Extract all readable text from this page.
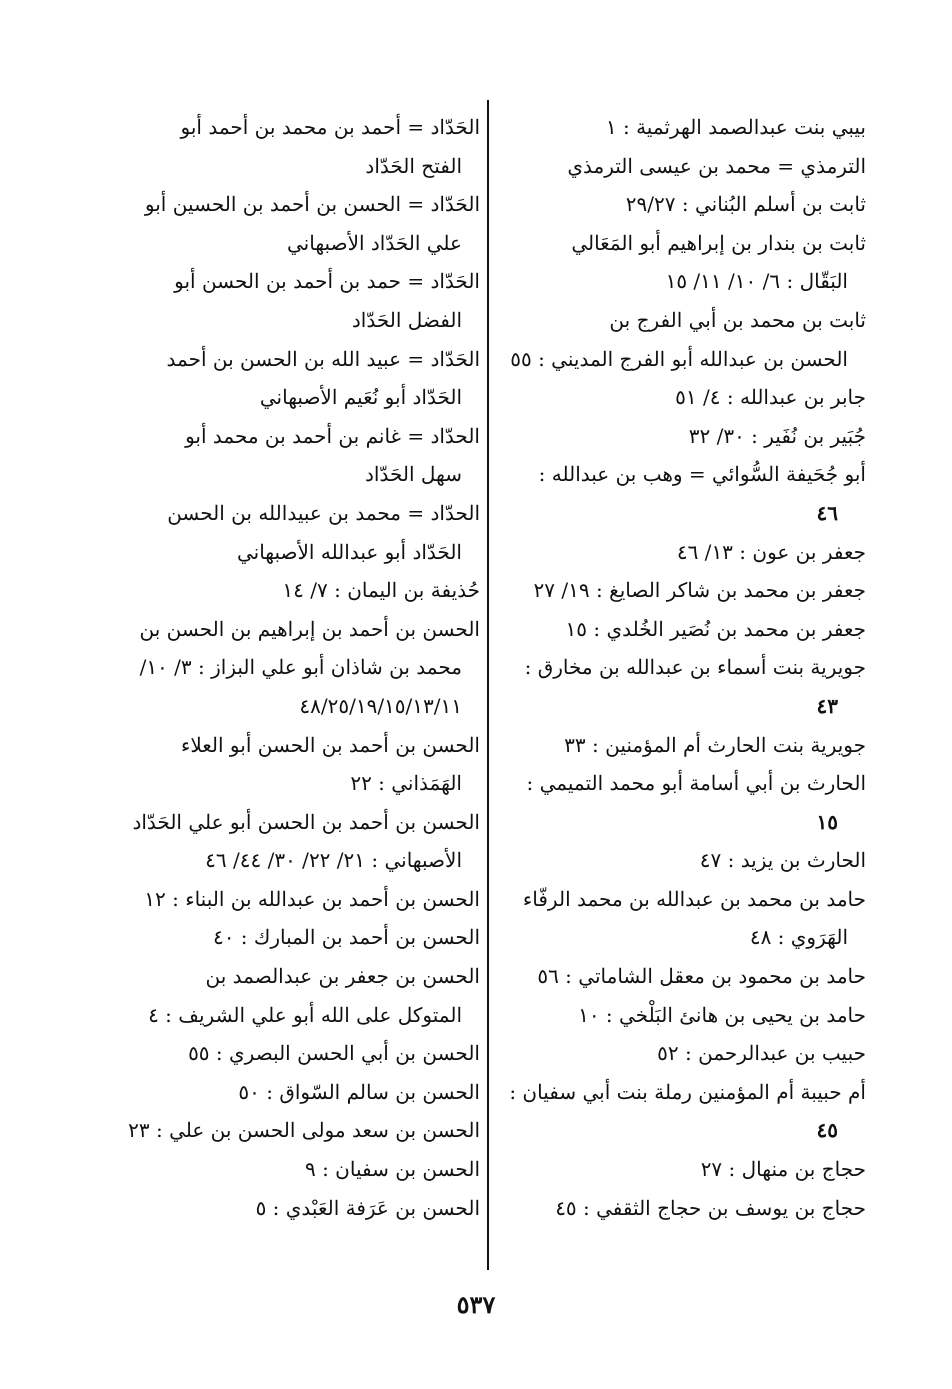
بيبي بنت عبدالصمد الهرثمية : ١
الترمذي = محمد بن عيسى الترمذي
ثابت بن أسلم البُناني : ٢٩/٢٧
ثابت بن بندار بن إبراهيم أبو المَعَالي
البَقّال : ٦/ ١٠/ ١١/ ١٥
ثابت بن محمد بن أبي الفرج بن
الحسن بن عبدالله أبو الفرج المديني : ٥٥
جابر بن عبدالله : ٤/ ٥١
جُبَير بن نُفَير : ٣٠/ ٣٢
أبو جُحَيفة السُّوائي = وهب بن عبدالله :
٤٦
جعفر بن عون : ١٣/ ٤٦
جعفر بن محمد بن شاكر الصايغ : ١٩/ ٢٧
جعفر بن محمد بن نُصَير الخُلدي : ١٥
جويرية بنت أسماء بن عبدالله بن مخارق :
٤٣
جويرية بنت الحارث أم المؤمنين : ٣٣
الحارث بن أبي أسامة أبو محمد التميمي :
١٥
الحارث بن يزيد : ٤٧
حامد بن محمد بن عبدالله بن محمد الرفّاء
الهَرَوي : ٤٨
حامد بن محمود بن معقل الشاماتي : ٥٦
حامد بن يحيى بن هانئ البَلْخي : ١٠
حبيب بن عبدالرحمن : ٥٢
أم حبيبة أم المؤمنين رملة بنت أبي سفيان :
٤٥
حجاج بن منهال : ٢٧
حجاج بن يوسف بن حجاج الثقفي : ٤٥
الحَدّاد = أحمد بن محمد بن أحمد أبو
الفتح الحَدّاد
الحَدّاد = الحسن بن أحمد بن الحسين أبو
علي الحَدّاد الأصبهاني
الحَدّاد = حمد بن أحمد بن الحسن أبو
الفضل الحَدّاد
الحَدّاد = عبيد الله بن الحسن بن أحمد
الحَدّاد أبو نُعَيم الأصبهاني
الحدّاد = غانم بن أحمد بن محمد أبو
سهل الحَدّاد
الحدّاد = محمد بن عبيدالله بن الحسن
الحَدّاد أبو عبدالله الأصبهاني
حُذيفة بن اليمان : ٧/ ١٤
الحسن بن أحمد بن إبراهيم بن الحسن بن
محمد بن شاذان أبو علي البزاز : ٣/ ١٠/
٤٨/٢٥/١٩/١٥/١٣/١١
الحسن بن أحمد بن الحسن أبو العلاء
الهَمَذاني : ٢٢
الحسن بن أحمد بن الحسن أبو علي الحَدّاد
الأصبهاني : ٢١/ ٢٢/ ٣٠/ ٤٤/ ٤٦
الحسن بن أحمد بن عبدالله بن البناء : ١٢
الحسن بن أحمد بن المبارك : ٤٠
الحسن بن جعفر بن عبدالصمد بن
المتوكل على الله أبو علي الشريف : ٤
الحسن بن أبي الحسن البصري : ٥٥
الحسن بن سالم السّواق : ٥٠
الحسن بن سعد مولى الحسن بن علي : ٢٣
الحسن بن سفيان : ٩
الحسن بن عَرَفة العَبْدي : ٥
٥٣٧
